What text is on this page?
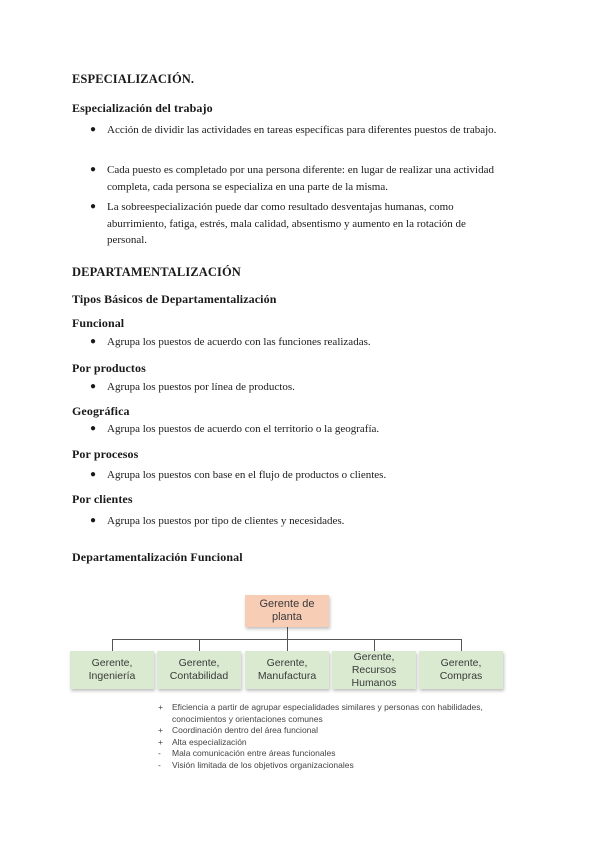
ESPECIALIZACIÓN.
Especialización del trabajo
● Acción de dividir las actividades en tareas específicas para diferentes puestos de trabajo.
● Cada puesto es completado por una persona diferente: en lugar de realizar una actividad completa, cada persona se especializa en una parte de la misma.
● La sobreespecialización puede dar como resultado desventajas humanas, como aburrimiento, fatiga, estrés, mala calidad, absentismo y aumento en la rotación de personal.
DEPARTAMENTALIZACIÓN
Tipos Básicos de Departamentalización
Funcional
● Agrupa los puestos de acuerdo con las funciones realizadas.
Por productos
● Agrupa los puestos por línea de productos.
Geográfica
● Agrupa los puestos de acuerdo con el territorio o la geografía.
Por procesos
● Agrupa los puestos con base en el flujo de productos o clientes.
Por clientes
● Agrupa los puestos por tipo de clientes y necesidades.
Departamentalización Funcional
Gerente de planta
Gerente, Ingeniería
Gerente, Contabilidad
Gerente, Manufactura
Gerente, Recursos Humanos
Gerente, Compras
+ Eficiencia a partir de agrupar especialidades similares y personas con habilidades, conocimientos y orientaciones comunes
+ Coordinación dentro del área funcional
+ Alta especialización
- Mala comunicación entre áreas funcionales
- Visión limitada de los objetivos organizacionales
